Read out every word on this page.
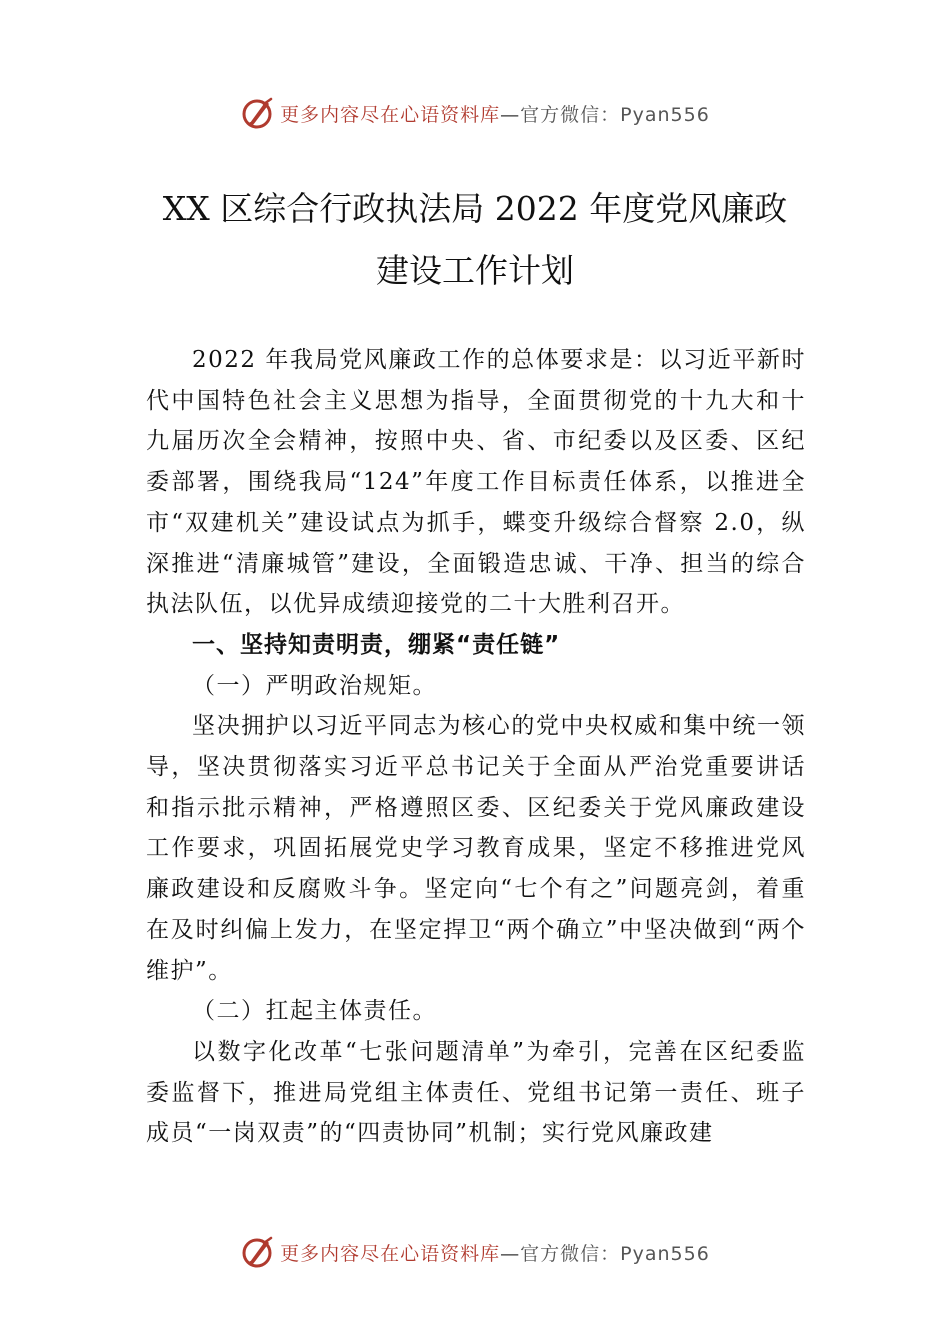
更多内容尽在心语资料库—官方微信：Pyan556
XX 区综合行政执法局 2022 年度党风廉政
建设工作计划

2022 年我局党风廉政工作的总体要求是：以习近平新时代中国特色社会主义思想为指导，全面贯彻党的十九大和十九届历次全会精神，按照中央、省、市纪委以及区委、区纪委部署，围绕我局“124”年度工作目标责任体系，以推进全市“双建机关”建设试点为抓手，蝶变升级综合督察 2.0，纵深推进“清廉城管”建设，全面锻造忠诚、干净、担当的综合执法队伍，以优异成绩迎接党的二十大胜利召开。

一、坚持知责明责，绷紧“责任链”

（一）严明政治规矩。

坚决拥护以习近平同志为核心的党中央权威和集中统一领导，坚决贯彻落实习近平总书记关于全面从严治党重要讲话和指示批示精神，严格遵照区委、区纪委关于党风廉政建设工作要求，巩固拓展党史学习教育成果，坚定不移推进党风廉政建设和反腐败斗争。坚定向“七个有之”问题亮剑，着重在及时纠偏上发力，在坚定捍卫“两个确立”中坚决做到“两个维护”。

（二）扛起主体责任。

以数字化改革“七张问题清单”为牵引，完善在区纪委监委监督下，推进局党组主体责任、党组书记第一责任、班子成员“一岗双责”的“四责协同”机制；实行党风廉政建

更多内容尽在心语资料库—官方微信：Pyan556
